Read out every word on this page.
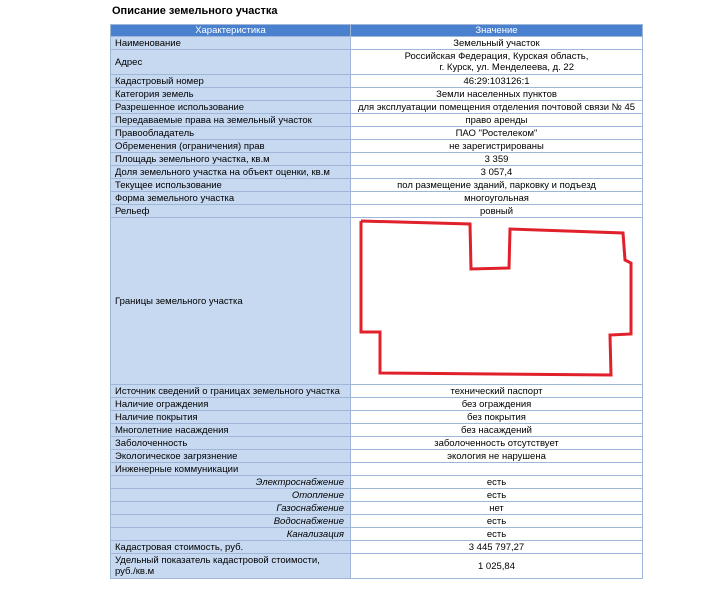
Описание земельного участка
Характеристика	Значение
Наименование	Земельный участок
Адрес	Российская Федерация, Курская область,
г. Курск, ул. Менделеева, д. 22

Кадастровый номер	46:29:103126:1
Категория земель	Земли населенных пунктов
Разрешенное использование	для эксплуатации помещения отделения почтовой связи № 45
Передаваемые права на земельный участок	право аренды
Правообладатель	ПАО "Ростелеком"
Обременения (ограничения) прав	не зарегистрированы
Площадь земельного участка, кв.м	3 359
Доля земельного участка на объект оценки, кв.м	3 057,4
Текущее использование	пол размещение зданий, парковку и подъезд
Форма земельного участка	многоугольная
Рельеф	ровный
Границы земельного участка	

Источник сведений о границах земельного участка	технический паспорт
Наличие ограждения	без ограждения
Наличие покрытия	без покрытия
Многолетние насаждения	без насаждений
Заболоченность	заболоченность отсутствует
Экологическое загрязнение	экология не нарушена
Инженерные коммуникации	
Электроснабжение	есть
Отопление	есть
Газоснабжение	нет
Водоснабжение	есть
Канализация	есть
Кадастровая стоимость, руб.	3 445 797,27

Удельный показатель кадастровой стоимости,
руб./кв.м	1 025,84
